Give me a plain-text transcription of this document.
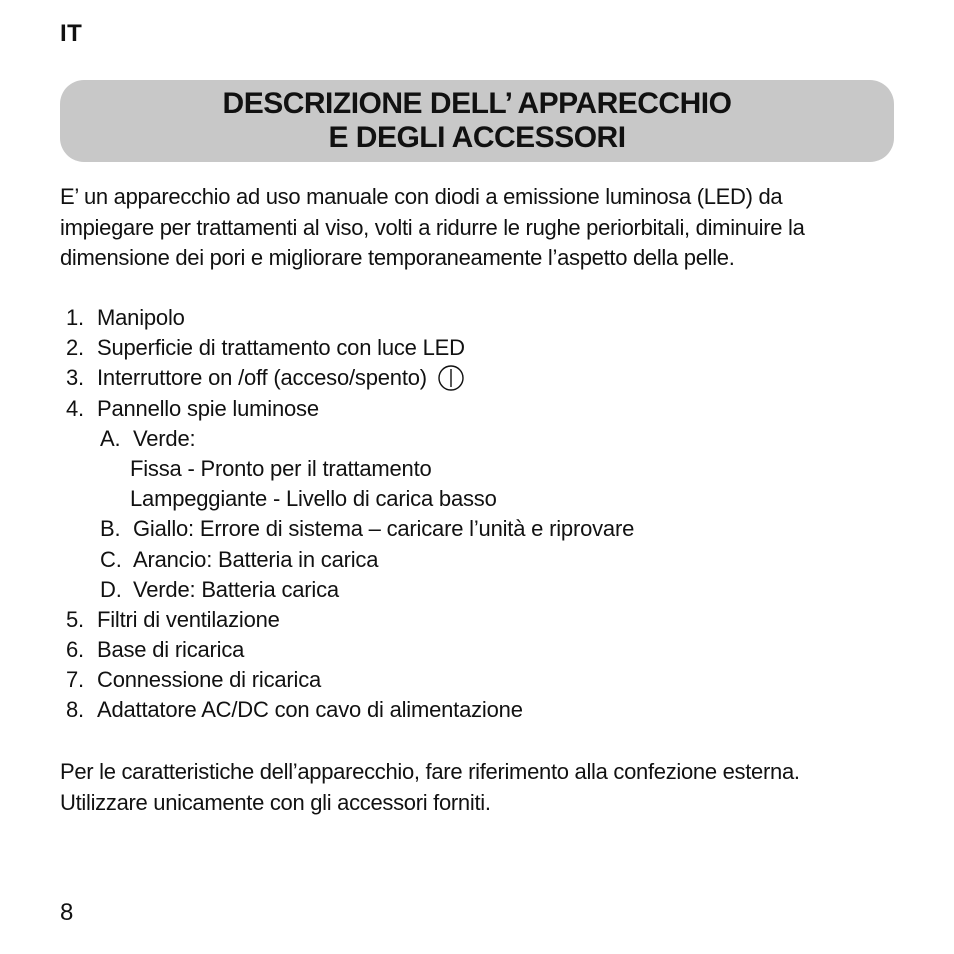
IT
DESCRIZIONE DELL’ APPARECCHIO
E DEGLI ACCESSORI
E’ un apparecchio ad uso manuale con diodi a emissione luminosa (LED) da
impiegare per trattamenti al viso, volti a ridurre le rughe periorbitali, diminuire la
dimensione dei pori e migliorare temporaneamente l’aspetto della pelle.
1. Manipolo
2. Superficie di trattamento con luce LED
3. Interruttore on /off (acceso/spento)
4. Pannello spie luminose
A. Verde:
Fissa - Pronto per il trattamento
Lampeggiante - Livello di carica basso
B. Giallo: Errore di sistema – caricare l’unità e riprovare
C. Arancio: Batteria in carica
D. Verde: Batteria carica
5. Filtri di ventilazione
6. Base di ricarica
7. Connessione di ricarica
8. Adattatore AC/DC con cavo di alimentazione
Per le caratteristiche dell’apparecchio, fare riferimento alla confezione esterna.
Utilizzare unicamente con gli accessori forniti.
8
